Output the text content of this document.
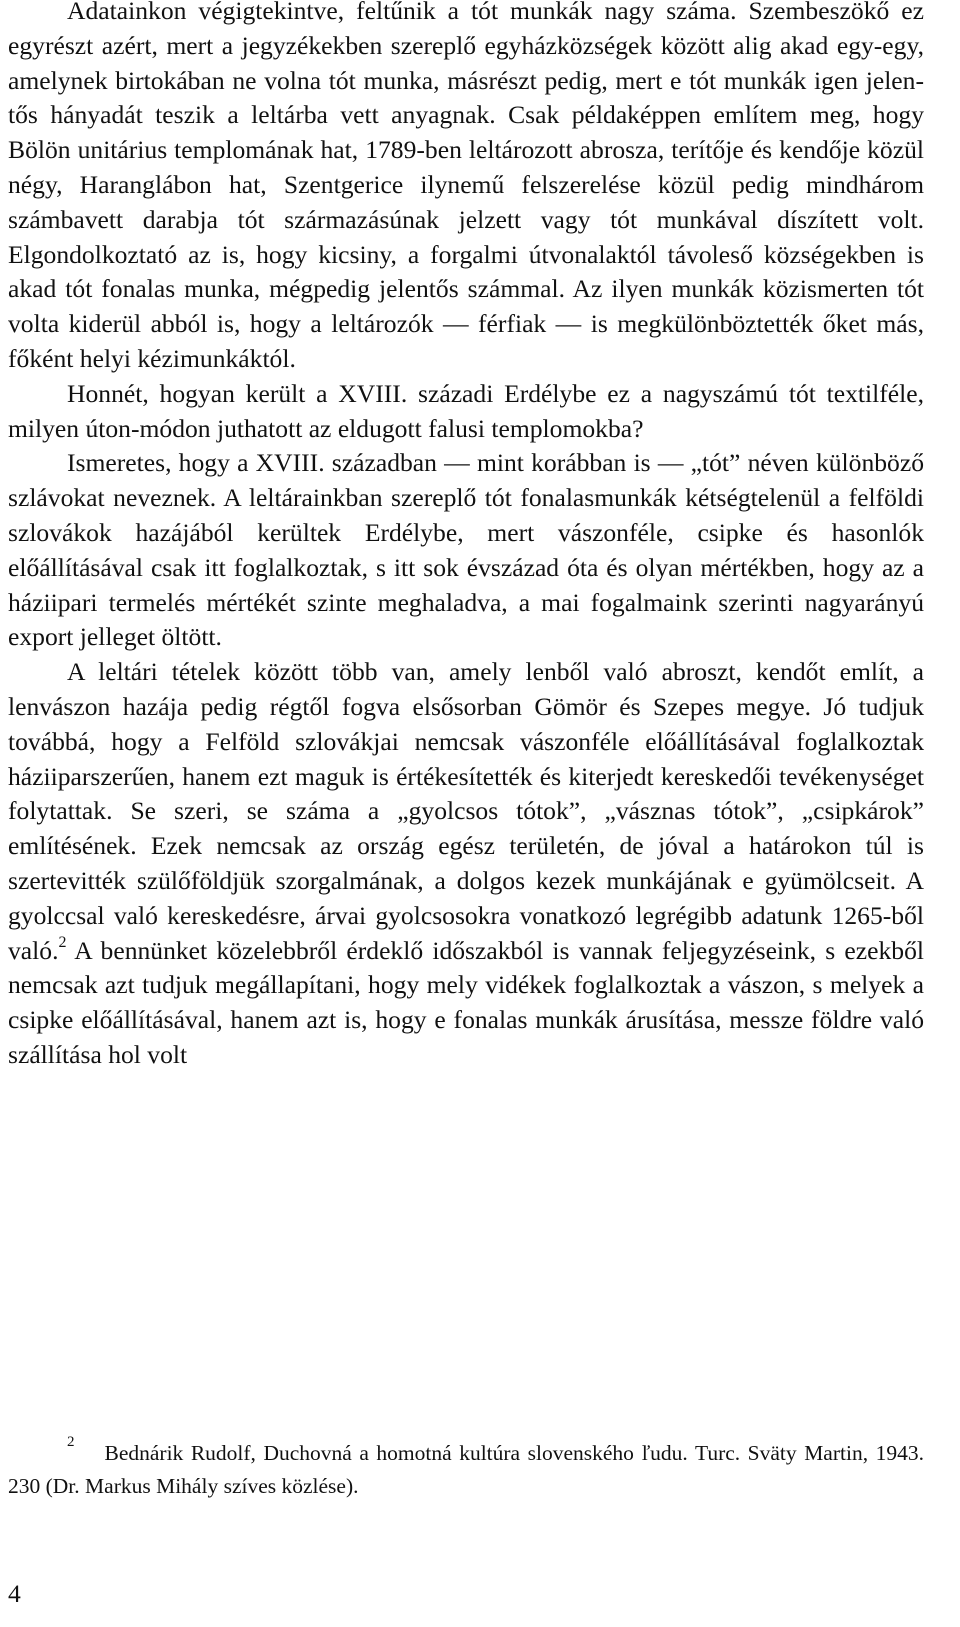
Adatainkon végigtekintve, feltűnik a tót munkák nagy száma. Szembeszökő ez egyrészt azért, mert a jegyzékekben szereplő egyházközségek között alig akad egy-egy, amelynek birtokában ne volna tót munka, másrészt pedig, mert e tót munkák igen jelentős hányadát teszik a leltárba vett anyagnak. Csak példaképpen említem meg, hogy Bölön unitárius templomának hat, 1789-ben leltározott abrosza, terítője és kendője közül négy, Haranglábon hat, Szentgerice ilynemű felszerelése közül pedig mindhárom számbavett darabja tót származásúnak jelzett vagy tót munkával díszített volt. Elgondolkoztató az is, hogy kicsiny, a forgalmi útvonalaktól távoleső községekben is akad tót fonalas munka, mégpedig jelentős számmal. Az ilyen munkák közismerten tót volta kiderül abból is, hogy a leltározók — férfiak — is megkülönböztették őket más, főként helyi kézimunkáktól.

Honnét, hogyan került a XVIII. századi Erdélybe ez a nagyszámú tót textilféle, milyen úton-módon juthatott az eldugott falusi templomokba?

Ismeretes, hogy a XVIII. században — mint korábban is — „tót” néven különböző szlávokat neveznek. A leltárainkban szereplő tót fonalasmunkák kétségtelenül a felföldi szlovákok hazájából kerültek Erdélybe, mert vászonféle, csipke és hasonlók előállításával csak itt foglalkoztak, s itt sok évszázad óta és olyan mértékben, hogy az a háziipari termelés mértékét szinte meghaladva, a mai fogalmaink szerinti nagyarányú export jelleget öltött.

A leltári tételek között több van, amely lenből való abroszt, kendőt említ, a lenvászon hazája pedig régtől fogva elsősorban Gömör és Szepes megye. Jó tudjuk továbbá, hogy a Felföld szlovákjai nemcsak vászonféle előállításával foglalkoztak háziiparszerűen, hanem ezt maguk is értékesítették és kiterjedt kereskedői tevékenységet folytattak. Se szeri, se száma a „gyolcsos tótok”, „vásznas tótok”, „csipkárok” említésének. Ezek nemcsak az ország egész területén, de jóval a határokon túl is szertevitték szülőföldjük szorgalmának, a dolgos kezek munkájának e gyümölcseit. A gyolccsal való kereskedésre, árvai gyolcsosokra vonatkozó legrégibb adatunk 1265-ből való.$^2$ A bennünket közelebbről érdeklő időszakból is vannak feljegyzéseink, s ezekből nemcsak azt tudjuk megállapítani, hogy mely vidékek foglalkoztak a vászon, s melyek a csipke előállításával, hanem azt is, hogy e fonalas munkák árusítása, messze földre való szállítása hol volt

$^2$ Bednárik Rudolf, Duchovná a homotná kultúra slovenského ľudu. Turc. Sväty Martin, 1943. 230 (Dr. Markus Mihály szíves közlése).

4
